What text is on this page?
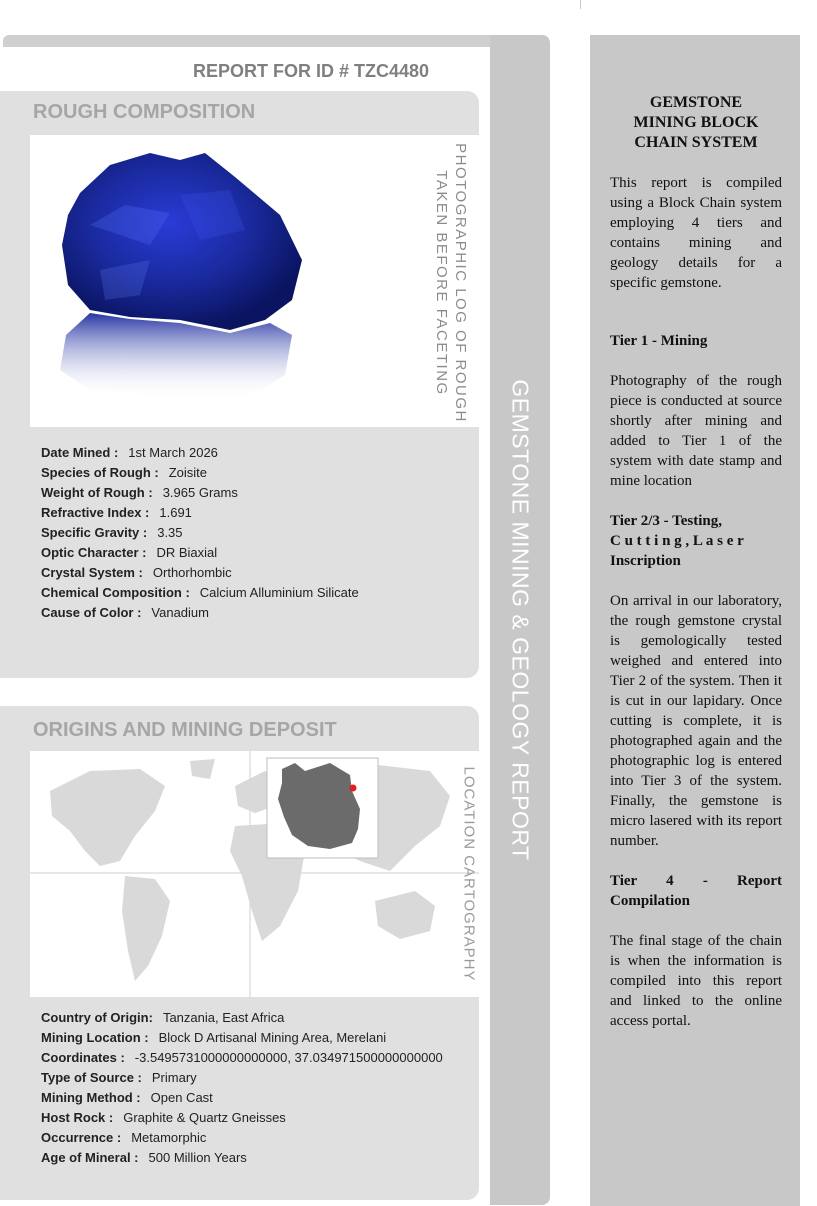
GEMSTONE MINING & GEOLOGY REPORT
REPORT FOR ID # TZC4480
ROUGH COMPOSITION
PHOTOGRAPHIC LOG OF ROUGH
TAKEN BEFORE FACETING
Date Mined : 1st March 2026
Species of Rough : Zoisite
Weight of Rough : 3.965 Grams
Refractive Index : 1.691
Specific Gravity : 3.35
Optic Character : DR Biaxial
Crystal System : Orthorhombic
Chemical Composition : Calcium Alluminium Silicate
Cause of Color : Vanadium
ORIGINS AND MINING DEPOSIT
LOCATION CARTOGRAPHY
Country of Origin: Tanzania, East Africa
Mining Location : Block D Artisanal Mining Area, Merelani
Coordinates : -3.5495731000000000000, 37.034971500000000000
Type of Source : Primary
Mining Method : Open Cast
Host Rock : Graphite & Quartz Gneisses
Occurrence : Metamorphic
Age of Mineral : 500 Million Years
GEMSTONE
MINING BLOCK
CHAIN SYSTEM

This report is compiled using a Block Chain system employing 4 tiers and contains mining and geology details for a specific gemstone.

Tier 1 - Mining

Photography of the rough piece is conducted at source shortly after mining and added to Tier 1 of the system with date stamp and mine location

Tier 2/3 - Testing,
C u t t i n g , L a s e r
Inscription

On arrival in our laboratory, the rough gemstone crystal is gemologically tested weighed and entered into Tier 2 of the system. Then it is cut in our lapidary. Once cutting is complete, it is photographed again and the photographic log is entered into Tier 3 of the system. Finally, the gemstone is micro lasered with its report number.

Tier 4 - Report Compilation

The final stage of the chain is when the information is compiled into this report and linked to the online access portal.
